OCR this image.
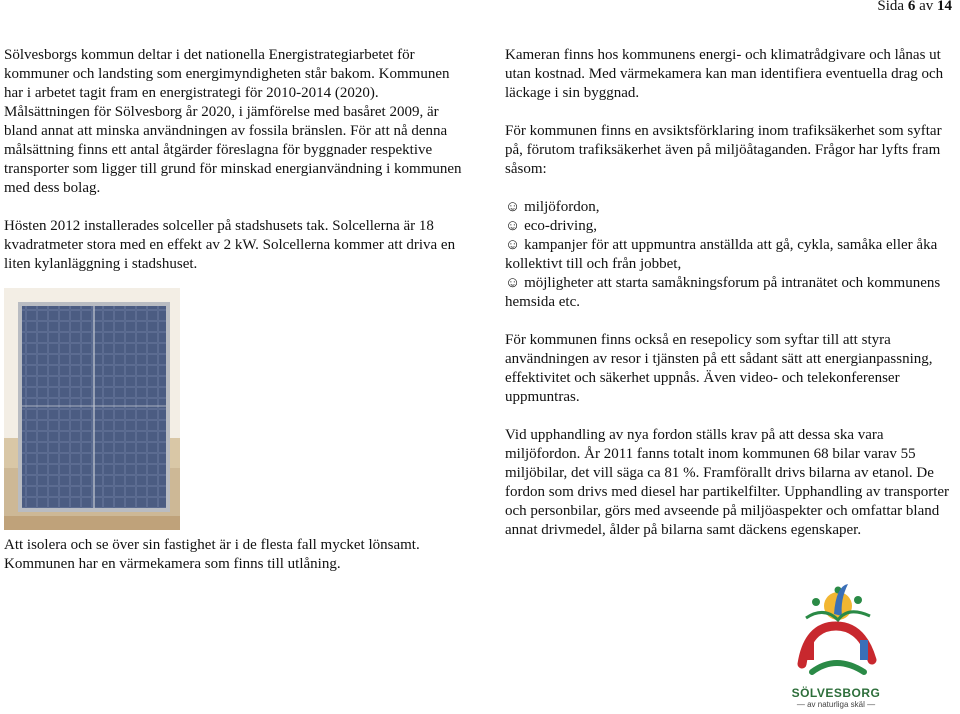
Sida 6 av 14

Sölvesborgs kommun deltar i det nationella Energistrategiarbetet för kommuner och landsting som energimyndigheten står bakom. Kommunen har i arbetet tagit fram en energistrategi för 2010-2014 (2020). Målsättningen för Sölvesborg år 2020, i jämförelse med basåret 2009, är bland annat att minska användningen av fossila bränslen. För att nå denna målsättning finns ett antal åtgärder föreslagna för byggnader respektive transporter som ligger till grund för minskad energianvändning i kommunen med dess bolag.

Hösten 2012 installerades solceller på stadshusets tak. Solcellerna är 18 kvadratmeter stora med en effekt av 2 kW. Solcellerna kommer att driva en liten kylanläggning i stadshuset.

Att isolera och se över sin fastighet är i de flesta fall mycket lönsamt. Kommunen har en värmekamera som finns till utlåning.

Kameran finns hos kommunens energi- och klimatrådgivare och lånas ut utan kostnad. Med värmekamera kan man identifiera eventuella drag och läckage i sin byggnad.

För kommunen finns en avsiktsförklaring inom trafiksäkerhet som syftar på, förutom trafiksäkerhet även på miljöåtaganden. Frågor har lyfts fram såsom:

☺ miljöfordon,
☺ eco-driving,
☺ kampanjer för att uppmuntra anställda att gå, cykla, samåka eller åka kollektivt till och från jobbet,
☺ möjligheter att starta samåkningsforum på intranätet och kommunens hemsida etc.

För kommunen finns också en resepolicy som syftar till att styra användningen av resor i tjänsten på ett sådant sätt att energianpassning, effektivitet och säkerhet uppnås. Även video- och telekonferenser uppmuntras.

Vid upphandling av nya fordon ställs krav på att dessa ska vara miljöfordon. År 2011 fanns totalt inom kommunen 68 bilar varav 55 miljöbilar, det vill säga ca 81 %. Framförallt drivs bilarna av etanol. De fordon som drivs med diesel har partikelfilter. Upphandling av transporter och personbilar, görs med avseende på miljöaspekter och omfattar bland annat drivmedel, ålder på bilarna samt däckens egenskaper.

SÖLVESBORG
— av naturliga skäl —
